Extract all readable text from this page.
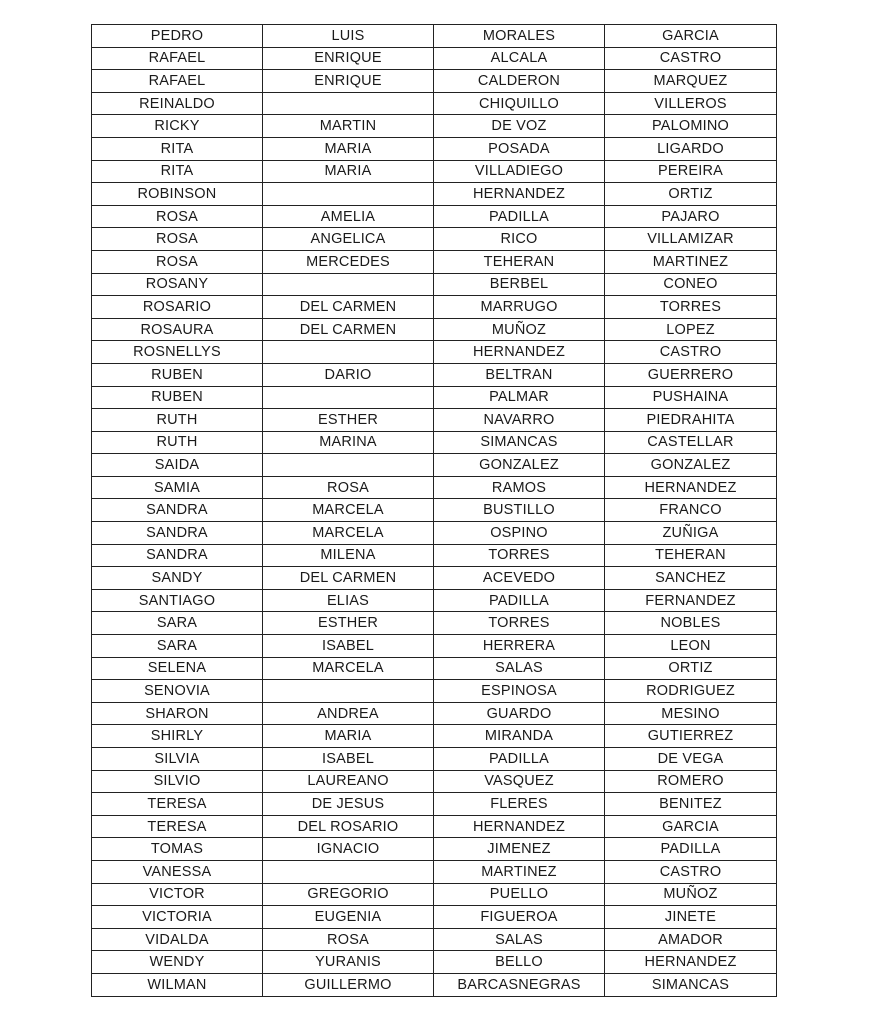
PEDRO	LUIS	MORALES	GARCIA
RAFAEL	ENRIQUE	ALCALA	CASTRO
RAFAEL	ENRIQUE	CALDERON	MARQUEZ
REINALDO		CHIQUILLO	VILLEROS
RICKY	MARTIN	DE VOZ	PALOMINO
RITA	MARIA	POSADA	LIGARDO
RITA	MARIA	VILLADIEGO	PEREIRA
ROBINSON		HERNANDEZ	ORTIZ
ROSA	AMELIA	PADILLA	PAJARO
ROSA	ANGELICA	RICO	VILLAMIZAR
ROSA	MERCEDES	TEHERAN	MARTINEZ
ROSANY		BERBEL	CONEO
ROSARIO	DEL CARMEN	MARRUGO	TORRES
ROSAURA	DEL CARMEN	MUÑOZ	LOPEZ
ROSNELLYS		HERNANDEZ	CASTRO
RUBEN	DARIO	BELTRAN	GUERRERO
RUBEN		PALMAR	PUSHAINA
RUTH	ESTHER	NAVARRO	PIEDRAHITA
RUTH	MARINA	SIMANCAS	CASTELLAR
SAIDA		GONZALEZ	GONZALEZ
SAMIA	ROSA	RAMOS	HERNANDEZ
SANDRA	MARCELA	BUSTILLO	FRANCO
SANDRA	MARCELA	OSPINO	ZUÑIGA
SANDRA	MILENA	TORRES	TEHERAN
SANDY	DEL CARMEN	ACEVEDO	SANCHEZ
SANTIAGO	ELIAS	PADILLA	FERNANDEZ
SARA	ESTHER	TORRES	NOBLES
SARA	ISABEL	HERRERA	LEON
SELENA	MARCELA	SALAS	ORTIZ
SENOVIA		ESPINOSA	RODRIGUEZ
SHARON	ANDREA	GUARDO	MESINO
SHIRLY	MARIA	MIRANDA	GUTIERREZ
SILVIA	ISABEL	PADILLA	DE VEGA
SILVIO	LAUREANO	VASQUEZ	ROMERO
TERESA	DE JESUS	FLERES	BENITEZ
TERESA	DEL ROSARIO	HERNANDEZ	GARCIA
TOMAS	IGNACIO	JIMENEZ	PADILLA
VANESSA		MARTINEZ	CASTRO
VICTOR	GREGORIO	PUELLO	MUÑOZ
VICTORIA	EUGENIA	FIGUEROA	JINETE
VIDALDA	ROSA	SALAS	AMADOR
WENDY	YURANIS	BELLO	HERNANDEZ
WILMAN	GUILLERMO	BARCASNEGRAS	SIMANCAS
